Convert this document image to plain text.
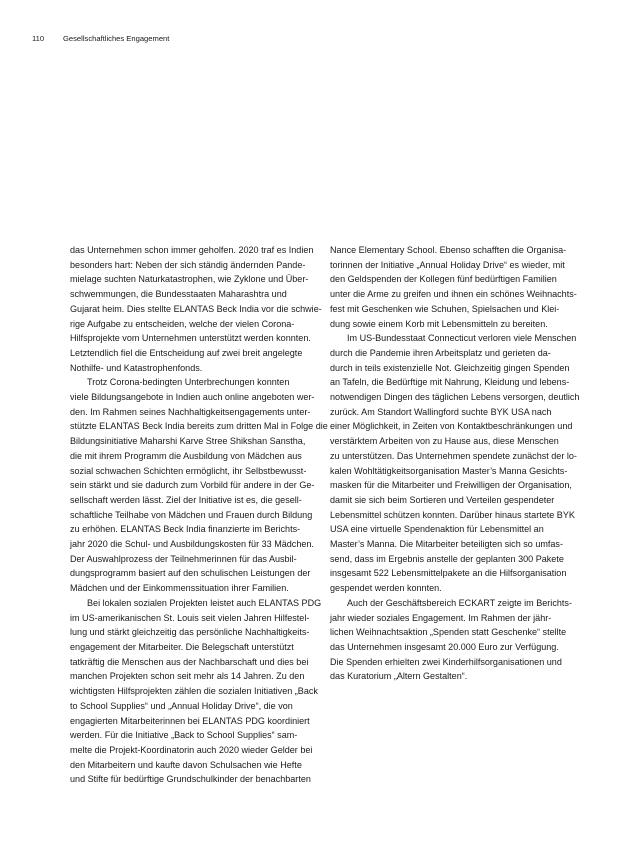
110 Gesellschaftliches Engagement

das Unternehmen schon immer geholfen. 2020 traf es Indien
besonders hart: Neben der sich ständig ändernden Pande-
mielage suchten Naturkatastrophen, wie Zyklone und Über-
schwemmungen, die Bundesstaaten Maharashtra und
Gujarat heim. Dies stellte ELANTAS Beck India vor die schwie-
rige Aufgabe zu entscheiden, welche der vielen Corona-
Hilfsprojekte vom Unternehmen unterstützt werden konnten.
Letztendlich fiel die Entscheidung auf zwei breit angelegte
Nothilfe- und Katastrophenfonds.

Trotz Corona-bedingten Unterbrechungen konnten
viele Bildungsangebote in Indien auch online angeboten wer-
den. Im Rahmen seines Nachhaltigkeitsengagements unter-
stützte ELANTAS Beck India bereits zum dritten Mal in Folge die
Bildungsinitiative Maharshi Karve Stree Shikshan Sanstha,
die mit ihrem Programm die Ausbildung von Mädchen aus
sozial schwachen Schichten ermöglicht, ihr Selbstbewusst-
sein stärkt und sie dadurch zum Vorbild für andere in der Ge-
sellschaft werden lässt. Ziel der Initiative ist es, die gesell-
schaftliche Teilhabe von Mädchen und Frauen durch Bildung
zu erhöhen. ELANTAS Beck India finanzierte im Berichts-
jahr 2020 die Schul- und Ausbildungskosten für 33 Mädchen.
Der Auswahlprozess der Teilnehmerinnen für das Ausbil-
dungsprogramm basiert auf den schulischen Leistungen der
Mädchen und der Einkommenssituation ihrer Familien.

Bei lokalen sozialen Projekten leistet auch ELANTAS PDG
im US-amerikanischen St. Louis seit vielen Jahren Hilfestel-
lung und stärkt gleichzeitig das persönliche Nachhaltigkeits-
engagement der Mitarbeiter. Die Belegschaft unterstützt
tatkräftig die Menschen aus der Nachbarschaft und dies bei
manchen Projekten schon seit mehr als 14 Jahren. Zu den
wichtigsten Hilfsprojekten zählen die sozialen Initiativen „Back
to School Supplies“ und „Annual Holiday Drive“, die von
engagierten Mitarbeiterinnen bei ELANTAS PDG koordiniert
werden. Für die Initiative „Back to School Supplies“ sam-
melte die Projekt-Koordinatorin auch 2020 wieder Gelder bei
den Mitarbeitern und kaufte davon Schulsachen wie Hefte
und Stifte für bedürftige Grundschulkinder der benachbarten

Nance Elementary School. Ebenso schafften die Organisa-
torinnen der Initiative „Annual Holiday Drive“ es wieder, mit
den Geldspenden der Kollegen fünf bedürftigen Familien
unter die Arme zu greifen und ihnen ein schönes Weihnachts-
fest mit Geschenken wie Schuhen, Spielsachen und Klei-
dung sowie einem Korb mit Lebensmitteln zu bereiten.

Im US-Bundesstaat Connecticut verloren viele Menschen
durch die Pandemie ihren Arbeitsplatz und gerieten da-
durch in teils existenzielle Not. Gleichzeitig gingen Spenden
an Tafeln, die Bedürftige mit Nahrung, Kleidung und lebens-
notwendigen Dingen des täglichen Lebens versorgen, deutlich
zurück. Am Standort Wallingford suchte BYK USA nach
einer Möglichkeit, in Zeiten von Kontaktbeschränkungen und
verstärktem Arbeiten von zu Hause aus, diese Menschen
zu unterstützen. Das Unternehmen spendete zunächst der lo-
kalen Wohltätigkeitsorganisation Master’s Manna Gesichts-
masken für die Mitarbeiter und Freiwilligen der Organisation,
damit sie sich beim Sortieren und Verteilen gespendeter
Lebensmittel schützen konnten. Darüber hinaus startete BYK
USA eine virtuelle Spendenaktion für Lebensmittel an
Master’s Manna. Die Mitarbeiter beteiligten sich so umfas-
send, dass im Ergebnis anstelle der geplanten 300 Pakete
insgesamt 522 Lebensmittelpakete an die Hilfsorganisation
gespendet werden konnten.

Auch der Geschäftsbereich ECKART zeigte im Berichts-
jahr wieder soziales Engagement. Im Rahmen der jähr-
lichen Weihnachtsaktion „Spenden statt Geschenke“ stellte
das Unternehmen insgesamt 20.000 Euro zur Verfügung.
Die Spenden erhielten zwei Kinderhilfsorganisationen und
das Kuratorium „Altern Gestalten“.
